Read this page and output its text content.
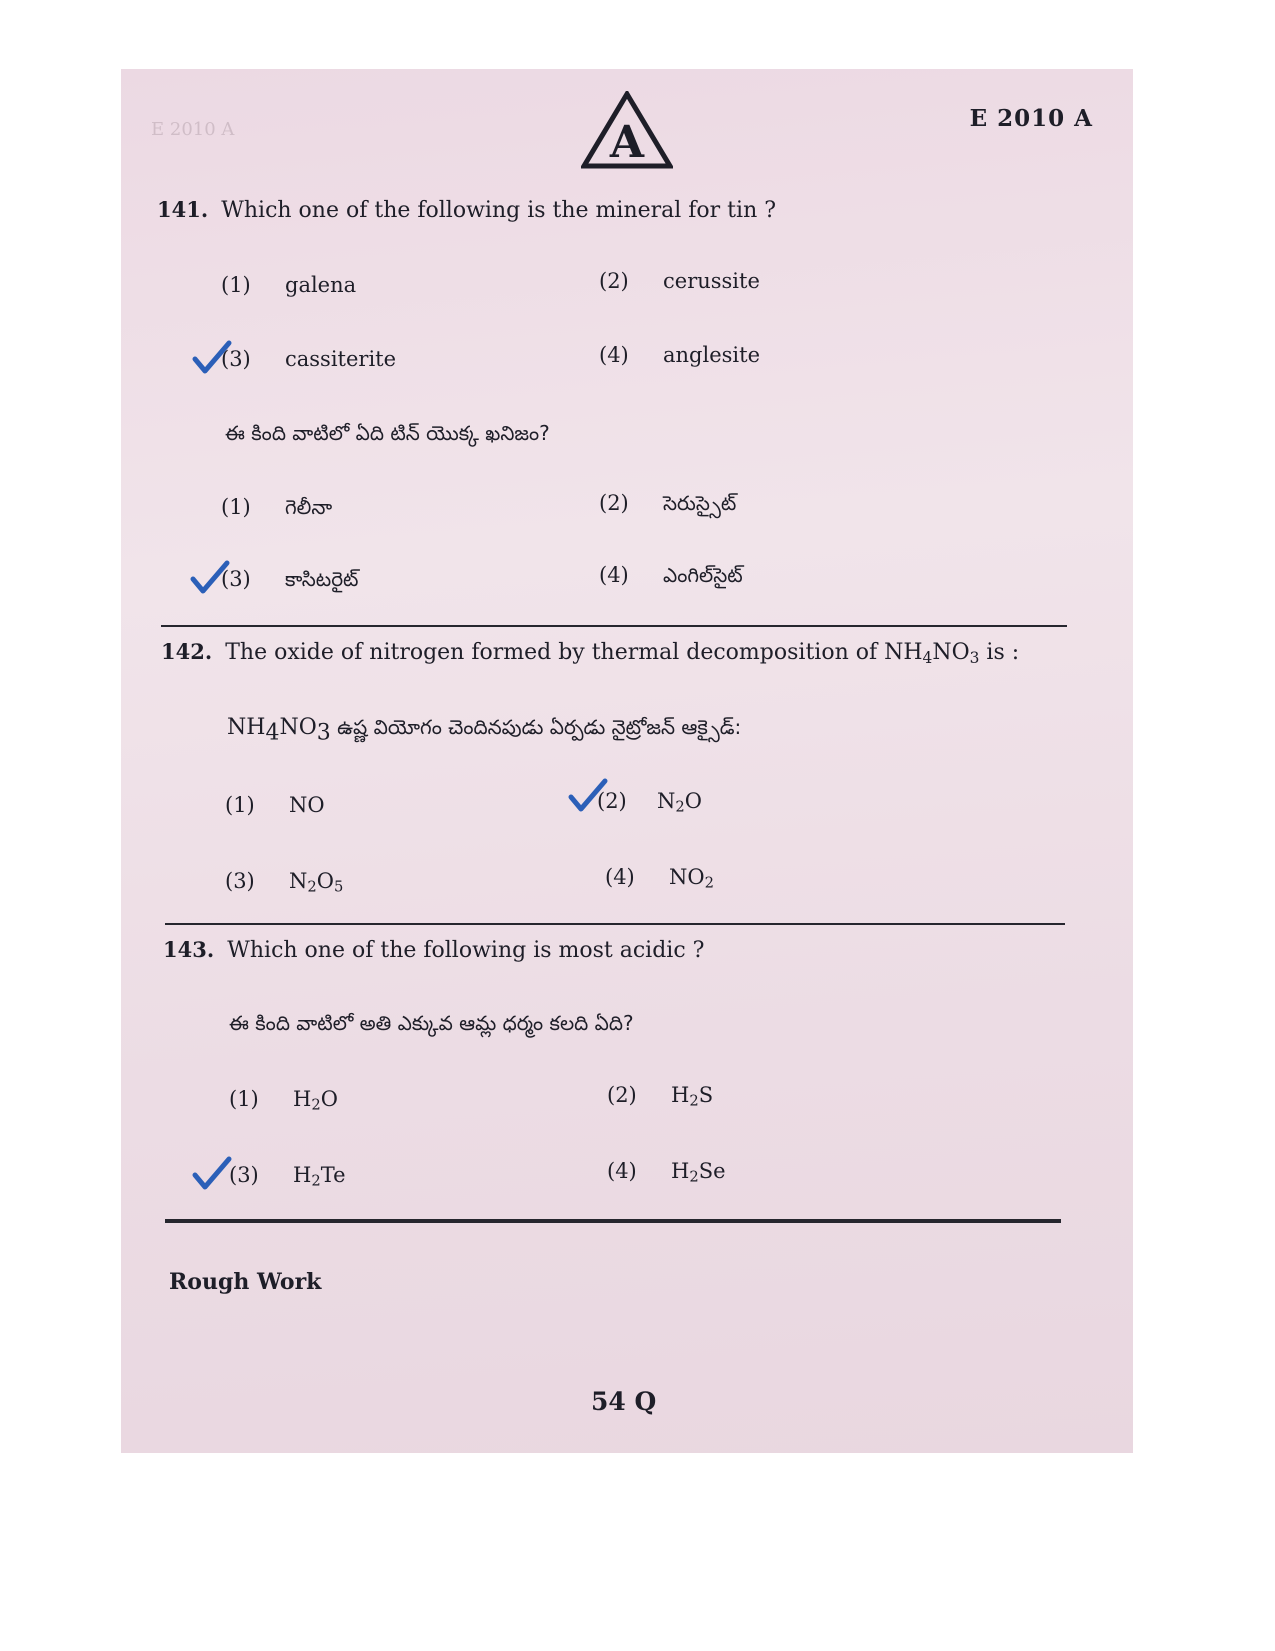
E 2010 A	A	E 2010 A
141. Which one of the following is the mineral for tin ?
(1) galena	(2) cerussite
(3) cassiterite	(4) anglesite
ఈ కింది వాటిలో ఏది టిన్ యొక్క ఖనిజం?
(1) గెలీనా	(2) సెరుస్సైట్
(3) కాసిటరైట్	(4) ఎంగిల్‌సైట్
142. The oxide of nitrogen formed by thermal decomposition of $NH_4NO_3$ is :
$NH_4NO_3$ ఉష్ణ వియోగం చెందినపుడు ఏర్పడు నైట్రోజన్ ఆక్సైడ్:
(1) NO	(2) $N_2O$
(3) $N_2O_5$	(4) $NO_2$
143. Which one of the following is most acidic ?
ఈ కింది వాటిలో అతి ఎక్కువ ఆమ్ల ధర్మం కలది ఏది?
(1) $H_2O$	(2) $H_2S$
(3) $H_2Te$	(4) $H_2Se$
Rough Work
54 Q
